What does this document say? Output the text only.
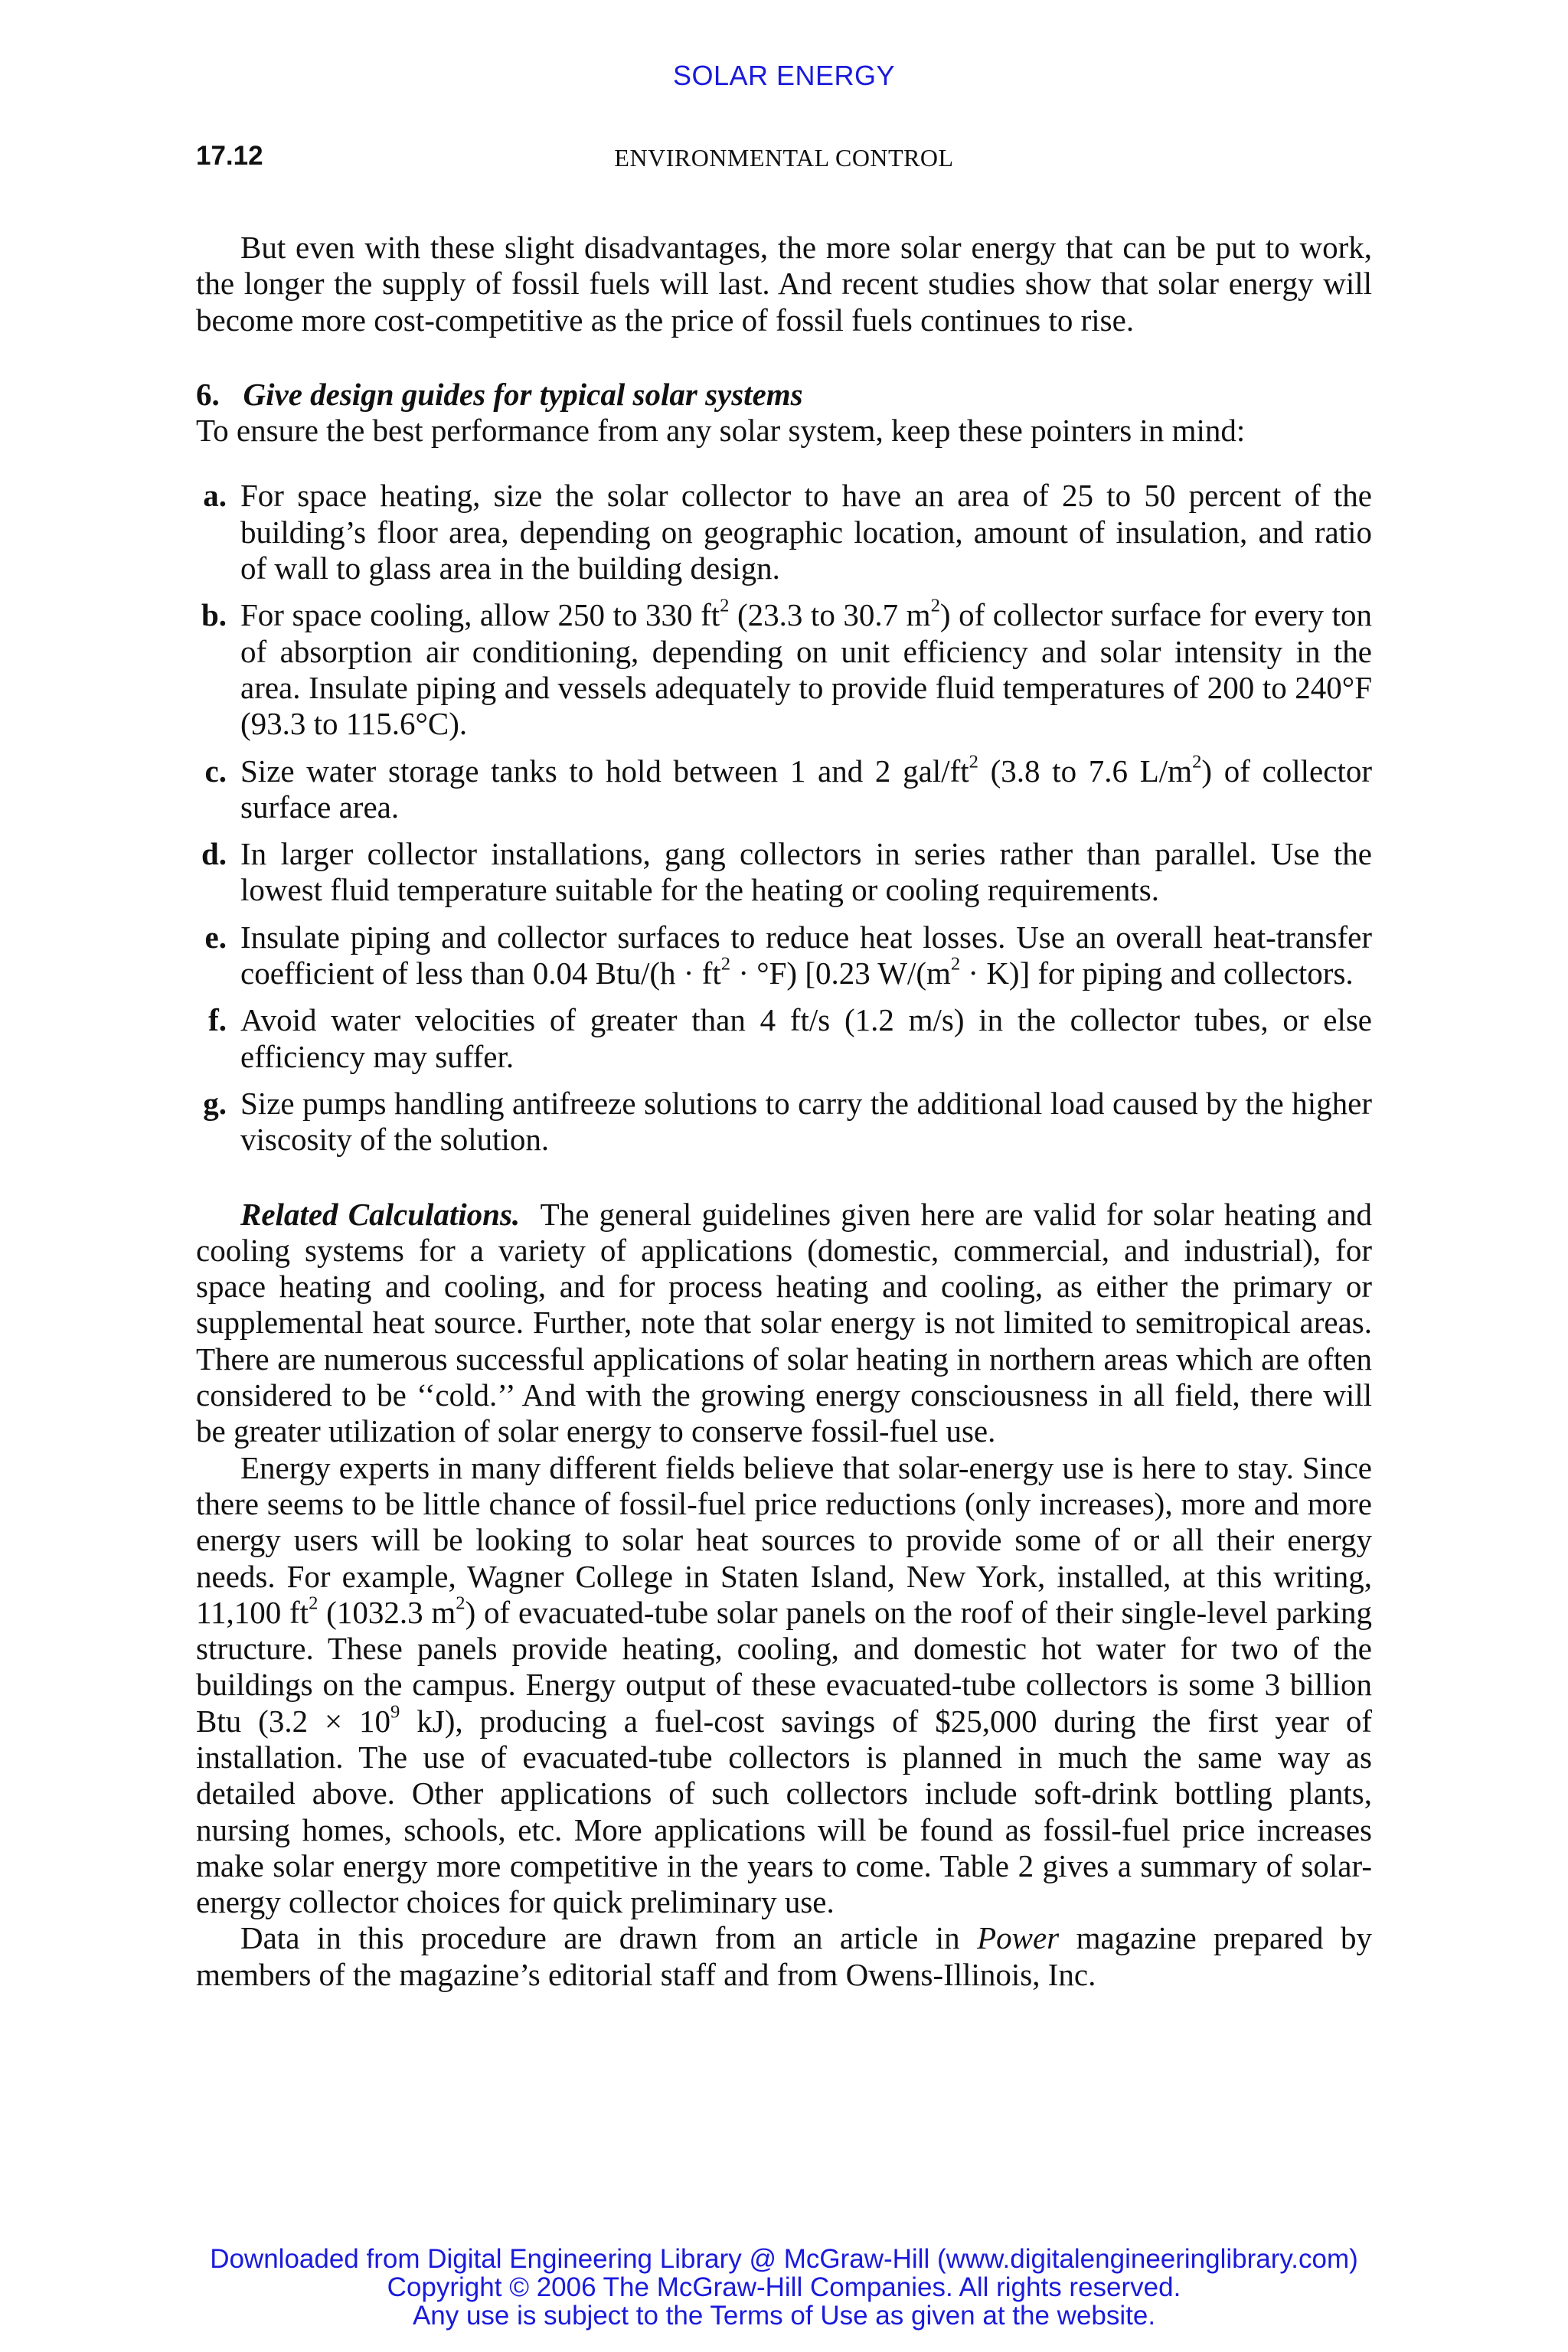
SOLAR ENERGY
17.12	ENVIRONMENTAL CONTROL

But even with these slight disadvantages, the more solar energy that can be put to work, the longer the supply of fossil fuels will last. And recent studies show that solar energy will become more cost-competitive as the price of fossil fuels continues to rise.

6. Give design guides for typical solar systems

To ensure the best performance from any solar system, keep these pointers in mind:

a. For space heating, size the solar collector to have an area of 25 to 50 percent of the building’s floor area, depending on geographic location, amount of insulation, and ratio of wall to glass area in the building design.
b. For space cooling, allow 250 to 330 $ft^2$ (23.3 to 30.7 $m^2$) of collector surface for every ton of absorption air conditioning, depending on unit efficiency and solar intensity in the area. Insulate piping and vessels adequately to provide fluid temperatures of 200 to 240°F (93.3 to 115.6°C).
c. Size water storage tanks to hold between 1 and 2 gal/$ft^2$ (3.8 to 7.6 $L/m^2$) of collector surface area.
d. In larger collector installations, gang collectors in series rather than parallel. Use the lowest fluid temperature suitable for the heating or cooling requirements.
e. Insulate piping and collector surfaces to reduce heat losses. Use an overall heat-transfer coefficient of less than 0.04 $Btu/(h \cdot ft^2 \cdot ^\circ F)$ [0.23 $W/(m^2 \cdot K)$] for piping and collectors.
f. Avoid water velocities of greater than 4 ft/s (1.2 m/s) in the collector tubes, or else efficiency may suffer.
g. Size pumps handling antifreeze solutions to carry the additional load caused by the higher viscosity of the solution.

Related Calculations. The general guidelines given here are valid for solar heating and cooling systems for a variety of applications (domestic, commercial, and industrial), for space heating and cooling, and for process heating and cooling, as either the primary or supplemental heat source. Further, note that solar energy is not limited to semitropical areas. There are numerous successful applications of solar heating in northern areas which are often considered to be ‘‘cold.’’ And with the growing energy consciousness in all field, there will be greater utilization of solar energy to conserve fossil-fuel use.

Energy experts in many different fields believe that solar-energy use is here to stay. Since there seems to be little chance of fossil-fuel price reductions (only increases), more and more energy users will be looking to solar heat sources to provide some of or all their energy needs. For example, Wagner College in Staten Island, New York, installed, at this writing, 11,100 $ft^2$ (1032.3 $m^2$) of evacuated-tube solar panels on the roof of their single-level parking structure. These panels provide heating, cooling, and domestic hot water for two of the buildings on the campus. Energy output of these evacuated-tube collectors is some 3 billion Btu ($3.2 \times 10^9$ kJ), producing a fuel-cost savings of $25,000 during the first year of installation. The use of evacuated-tube collectors is planned in much the same way as detailed above. Other applications of such collectors include soft-drink bottling plants, nursing homes, schools, etc. More applications will be found as fossil-fuel price increases make solar energy more competitive in the years to come. Table 2 gives a summary of solar-energy collector choices for quick preliminary use.

Data in this procedure are drawn from an article in Power magazine prepared by members of the magazine’s editorial staff and from Owens-Illinois, Inc.

Downloaded from Digital Engineering Library @ McGraw-Hill (www.digitalengineeringlibrary.com)
Copyright © 2006 The McGraw-Hill Companies. All rights reserved.
Any use is subject to the Terms of Use as given at the website.
